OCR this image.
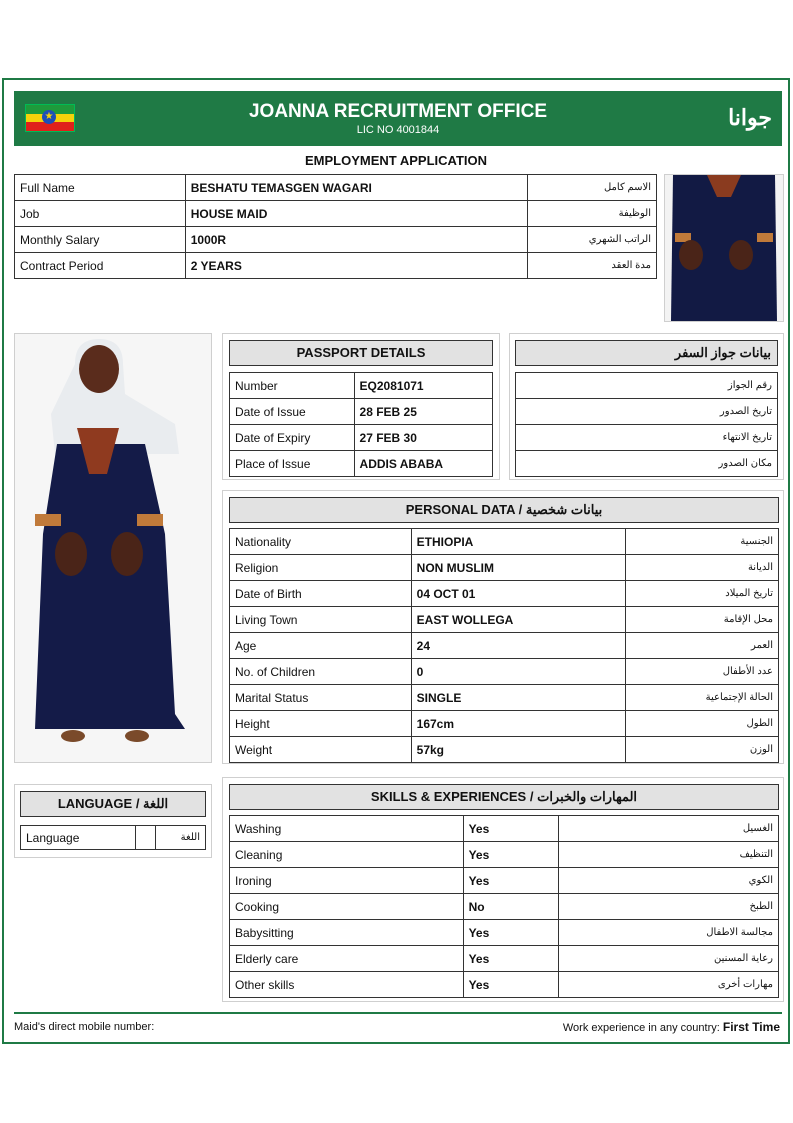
★	JOANNA RECRUITMENT OFFICE
LIC NO 4001844	جوانا
EMPLOYMENT APPLICATION
Full Name	BESHATU TEMASGEN WAGARI	الاسم كامل
Job	HOUSE MAID	الوظيفة
Monthly Salary	1000R	الراتب الشهري
Contract Period	2 YEARS	مدة العقد
PASSPORT DETAILS
Number	EQ2081071
Date of Issue	28 FEB 25
Date of Expiry	27 FEB 30
Place of Issue	ADDIS ABABA
بيانات جواز السفر
رقم الجواز
تاريخ الصدور
تاريخ الانتهاء
مكان الصدور
PERSONAL DATA / بيانات شخصية
Nationality	ETHIOPIA	الجنسية
Religion	NON MUSLIM	الديانة
Date of Birth	04 OCT 01	تاريخ الميلاد
Living Town	EAST WOLLEGA	محل الإقامة
Age	24	العمر
No. of Children	0	عدد الأطفال
Marital Status	SINGLE	الحالة الإجتماعية
Height	167cm	الطول
Weight	57kg	الوزن
LANGUAGE / اللغة
Language		اللغة
SKILLS & EXPERIENCES / المهارات والخبرات
Washing	Yes	الغسيل
Cleaning	Yes	التنظيف
Ironing	Yes	الكوي
Cooking	No	الطبخ
Babysitting	Yes	مجالسة الاطفال
Elderly care	Yes	رعاية المسنين
Other skills	Yes	مهارات أخرى
Maid's direct mobile number:	Work experience in any country: First Time
